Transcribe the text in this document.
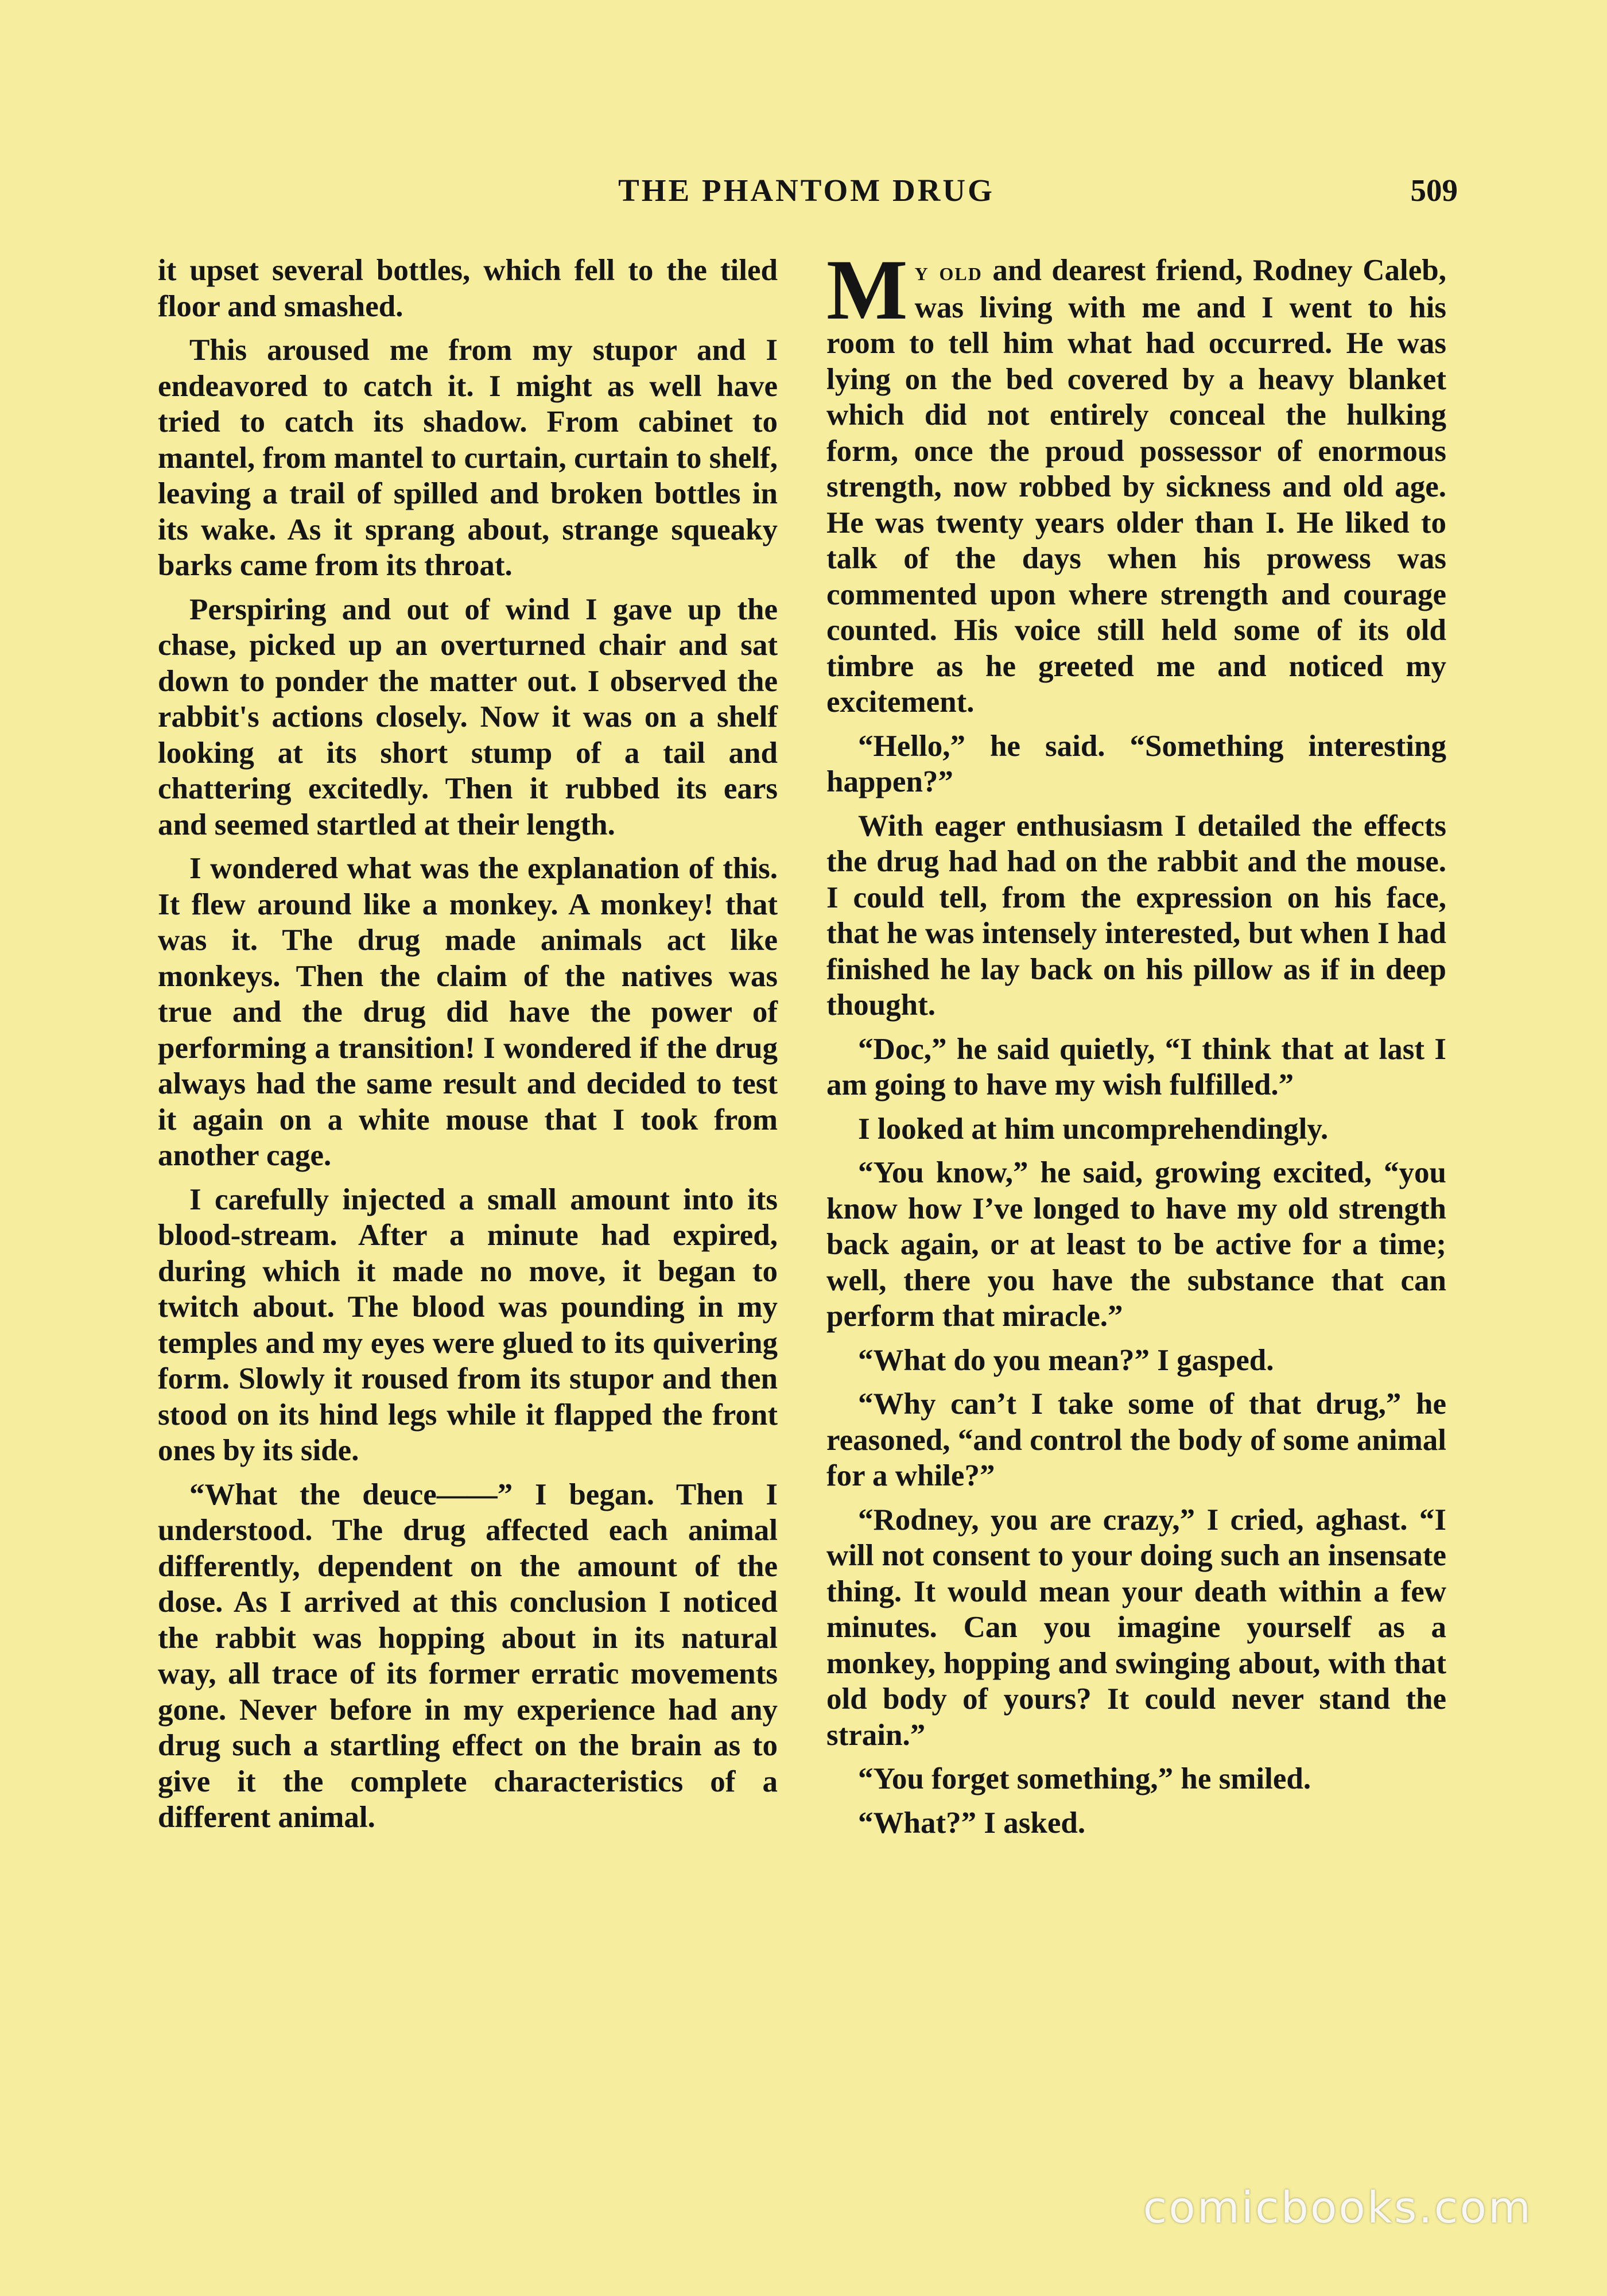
THE PHANTOM DRUG	509

it upset several bottles, which fell to the tiled floor and smashed.

This aroused me from my stupor and I endeavored to catch it. I might as well have tried to catch its shadow. From cabinet to mantel, from mantel to curtain, curtain to shelf, leaving a trail of spilled and broken bottles in its wake. As it sprang about, strange squeaky barks came from its throat.

Perspiring and out of wind I gave up the chase, picked up an overturned chair and sat down to ponder the matter out. I observed the rabbit's actions closely. Now it was on a shelf looking at its short stump of a tail and chattering excitedly. Then it rubbed its ears and seemed startled at their length.

I wondered what was the explanation of this. It flew around like a monkey. A monkey! that was it. The drug made animals act like monkeys. Then the claim of the natives was true and the drug did have the power of performing a transition! I wondered if the drug always had the same result and decided to test it again on a white mouse that I took from another cage.

I carefully injected a small amount into its blood-stream. After a minute had expired, during which it made no move, it began to twitch about. The blood was pounding in my temples and my eyes were glued to its quivering form. Slowly it roused from its stupor and then stood on its hind legs while it flapped the front ones by its side.

“What the deuce——” I began. Then I understood. The drug affected each animal differently, dependent on the amount of the dose. As I arrived at this conclusion I noticed the rabbit was hopping about in its natural way, all trace of its former erratic movements gone. Never before in my experience had any drug such a startling effect on the brain as to give it the complete characteristics of a different animal.

My old and dearest friend, Rodney Caleb, was living with me and I went to his room to tell him what had occurred. He was lying on the bed covered by a heavy blanket which did not entirely conceal the hulking form, once the proud possessor of enormous strength, now robbed by sickness and old age. He was twenty years older than I. He liked to talk of the days when his prowess was commented upon where strength and courage counted. His voice still held some of its old timbre as he greeted me and noticed my excitement.

“Hello,” he said. “Something interesting happen?”

With eager enthusiasm I detailed the effects the drug had had on the rabbit and the mouse. I could tell, from the expression on his face, that he was intensely interested, but when I had finished he lay back on his pillow as if in deep thought.

“Doc,” he said quietly, “I think that at last I am going to have my wish fulfilled.”

I looked at him uncomprehendingly.

“You know,” he said, growing excited, “you know how I’ve longed to have my old strength back again, or at least to be active for a time; well, there you have the substance that can perform that miracle.”

“What do you mean?” I gasped.

“Why can’t I take some of that drug,” he reasoned, “and control the body of some animal for a while?”

“Rodney, you are crazy,” I cried, aghast. “I will not consent to your doing such an insensate thing. It would mean your death within a few minutes. Can you imagine yourself as a monkey, hopping and swinging about, with that old body of yours? It could never stand the strain.”

“You forget something,” he smiled.

“What?” I asked.

comicbooks.com
